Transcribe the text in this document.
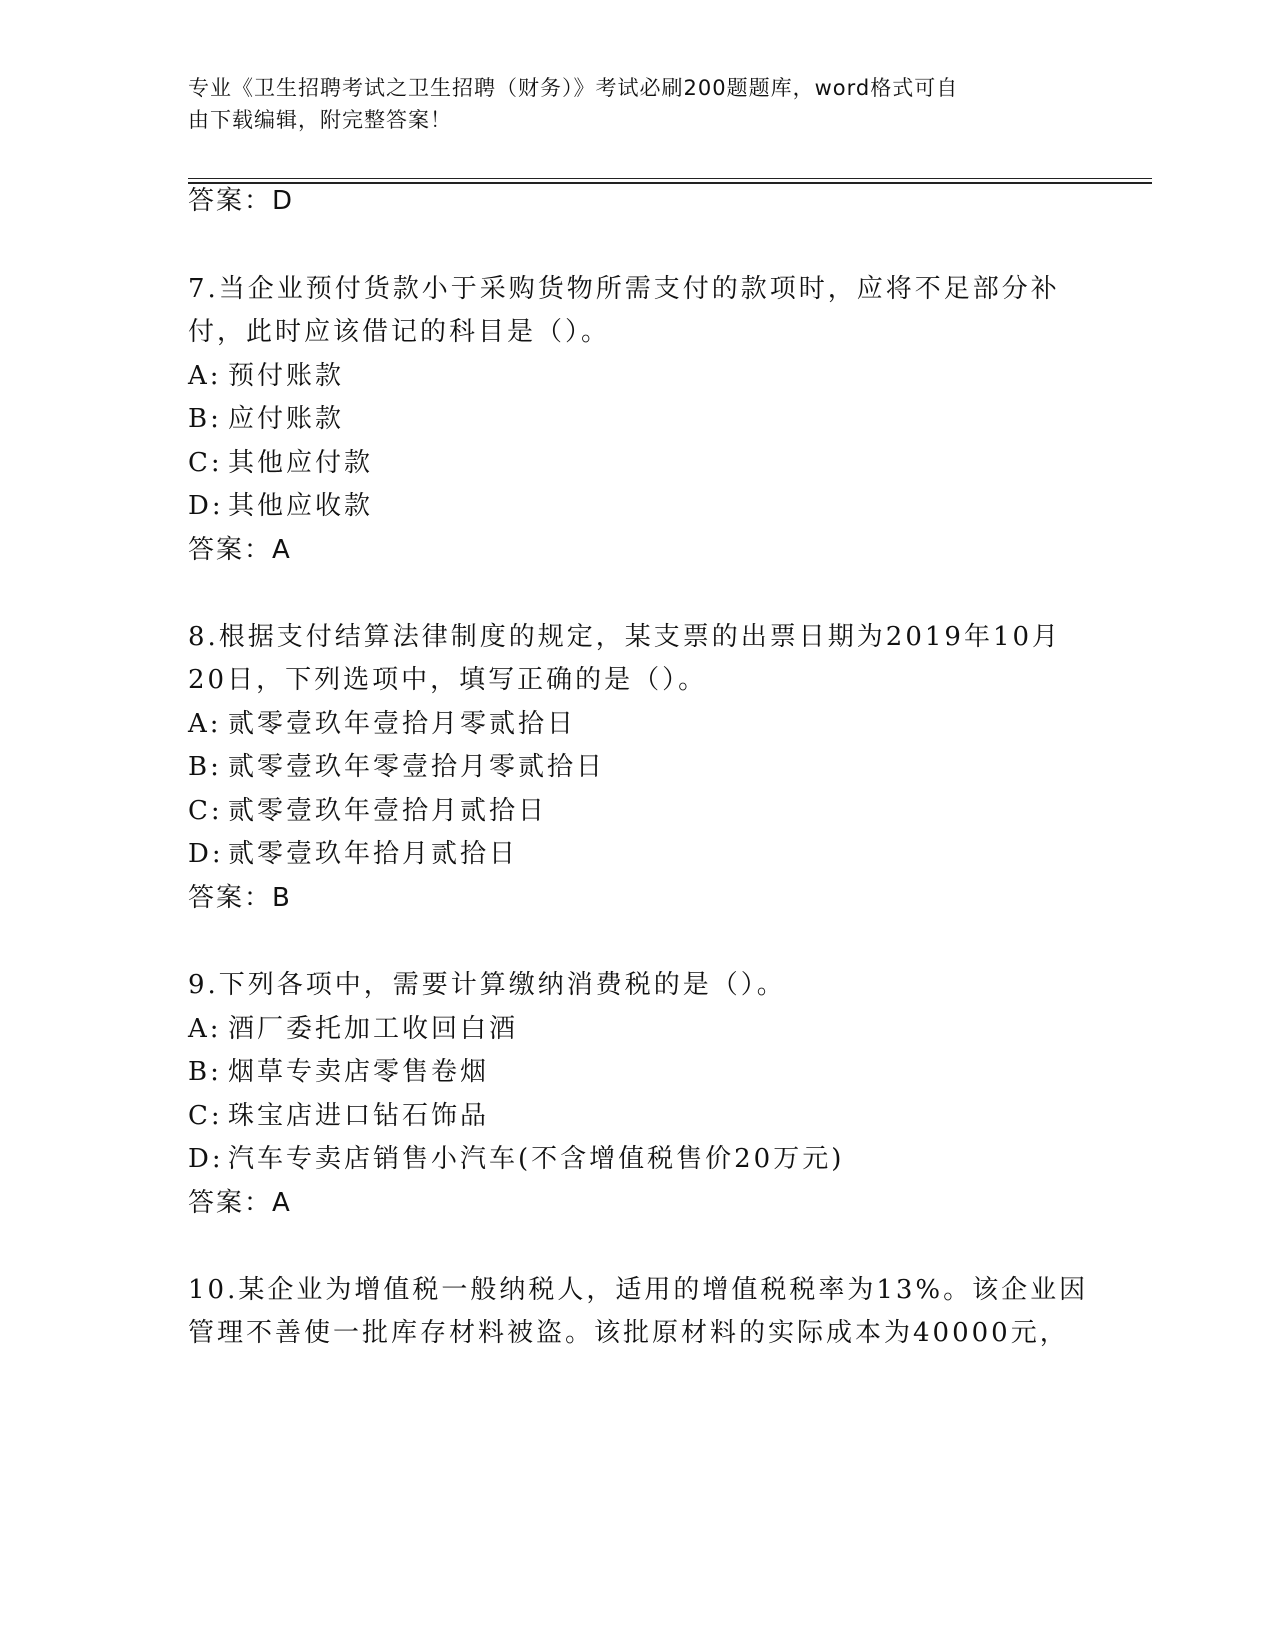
专业《卫生招聘考试之卫生招聘（财务）》考试必刷200题题库，word格式可自
由下载编辑，附完整答案！
答案：D
7.当企业预付货款小于采购货物所需支付的款项时，应将不足部分补
付，此时应该借记的科目是（）。
A: 预付账款
B: 应付账款
C: 其他应付款
D: 其他应收款
答案：A
8.根据支付结算法律制度的规定，某支票的出票日期为2019年10月
20日，下列选项中，填写正确的是（）。
A: 贰零壹玖年壹拾月零贰拾日
B: 贰零壹玖年零壹拾月零贰拾日
C: 贰零壹玖年壹拾月贰拾日
D: 贰零壹玖年拾月贰拾日
答案：B
9.下列各项中，需要计算缴纳消费税的是（）。
A: 酒厂委托加工收回白酒
B: 烟草专卖店零售卷烟
C: 珠宝店进口钻石饰品
D: 汽车专卖店销售小汽车(不含增值税售价20万元)
答案：A
10.某企业为增值税一般纳税人，适用的增值税税率为13%。该企业因
管理不善使一批库存材料被盗。该批原材料的实际成本为40000元，
